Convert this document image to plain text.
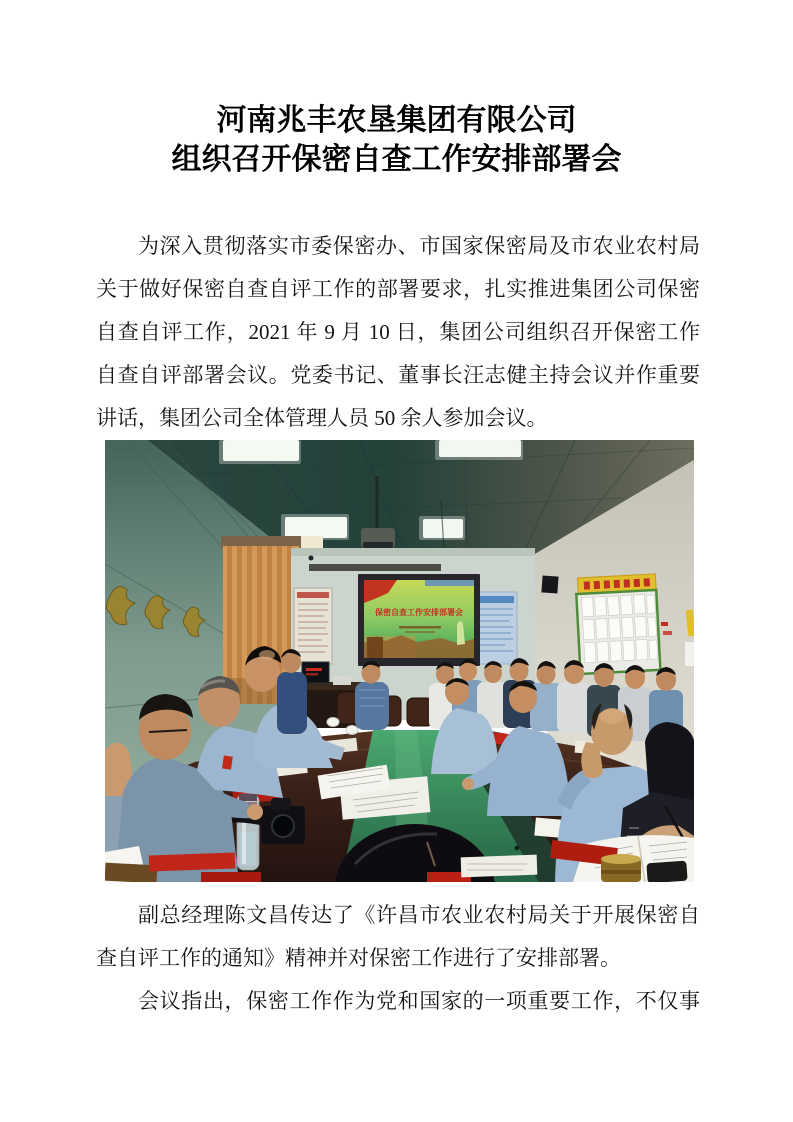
河南兆丰农垦集团有限公司
组织召开保密自查工作安排部署会
为深入贯彻落实市委保密办、市国家保密局及市农业农村局
关于做好保密自查自评工作的部署要求，扎实推进集团公司保密
自查自评工作，2021 年 9 月 10 日，集团公司组织召开保密工作
自查自评部署会议。党委书记、董事长汪志健主持会议并作重要
讲话，集团公司全体管理人员 50 余人参加会议。
保密自查工作安排部署会
副总经理陈文昌传达了《许昌市农业农村局关于开展保密自
查自评工作的通知》精神并对保密工作进行了安排部署。
会议指出，保密工作作为党和国家的一项重要工作，不仅事
